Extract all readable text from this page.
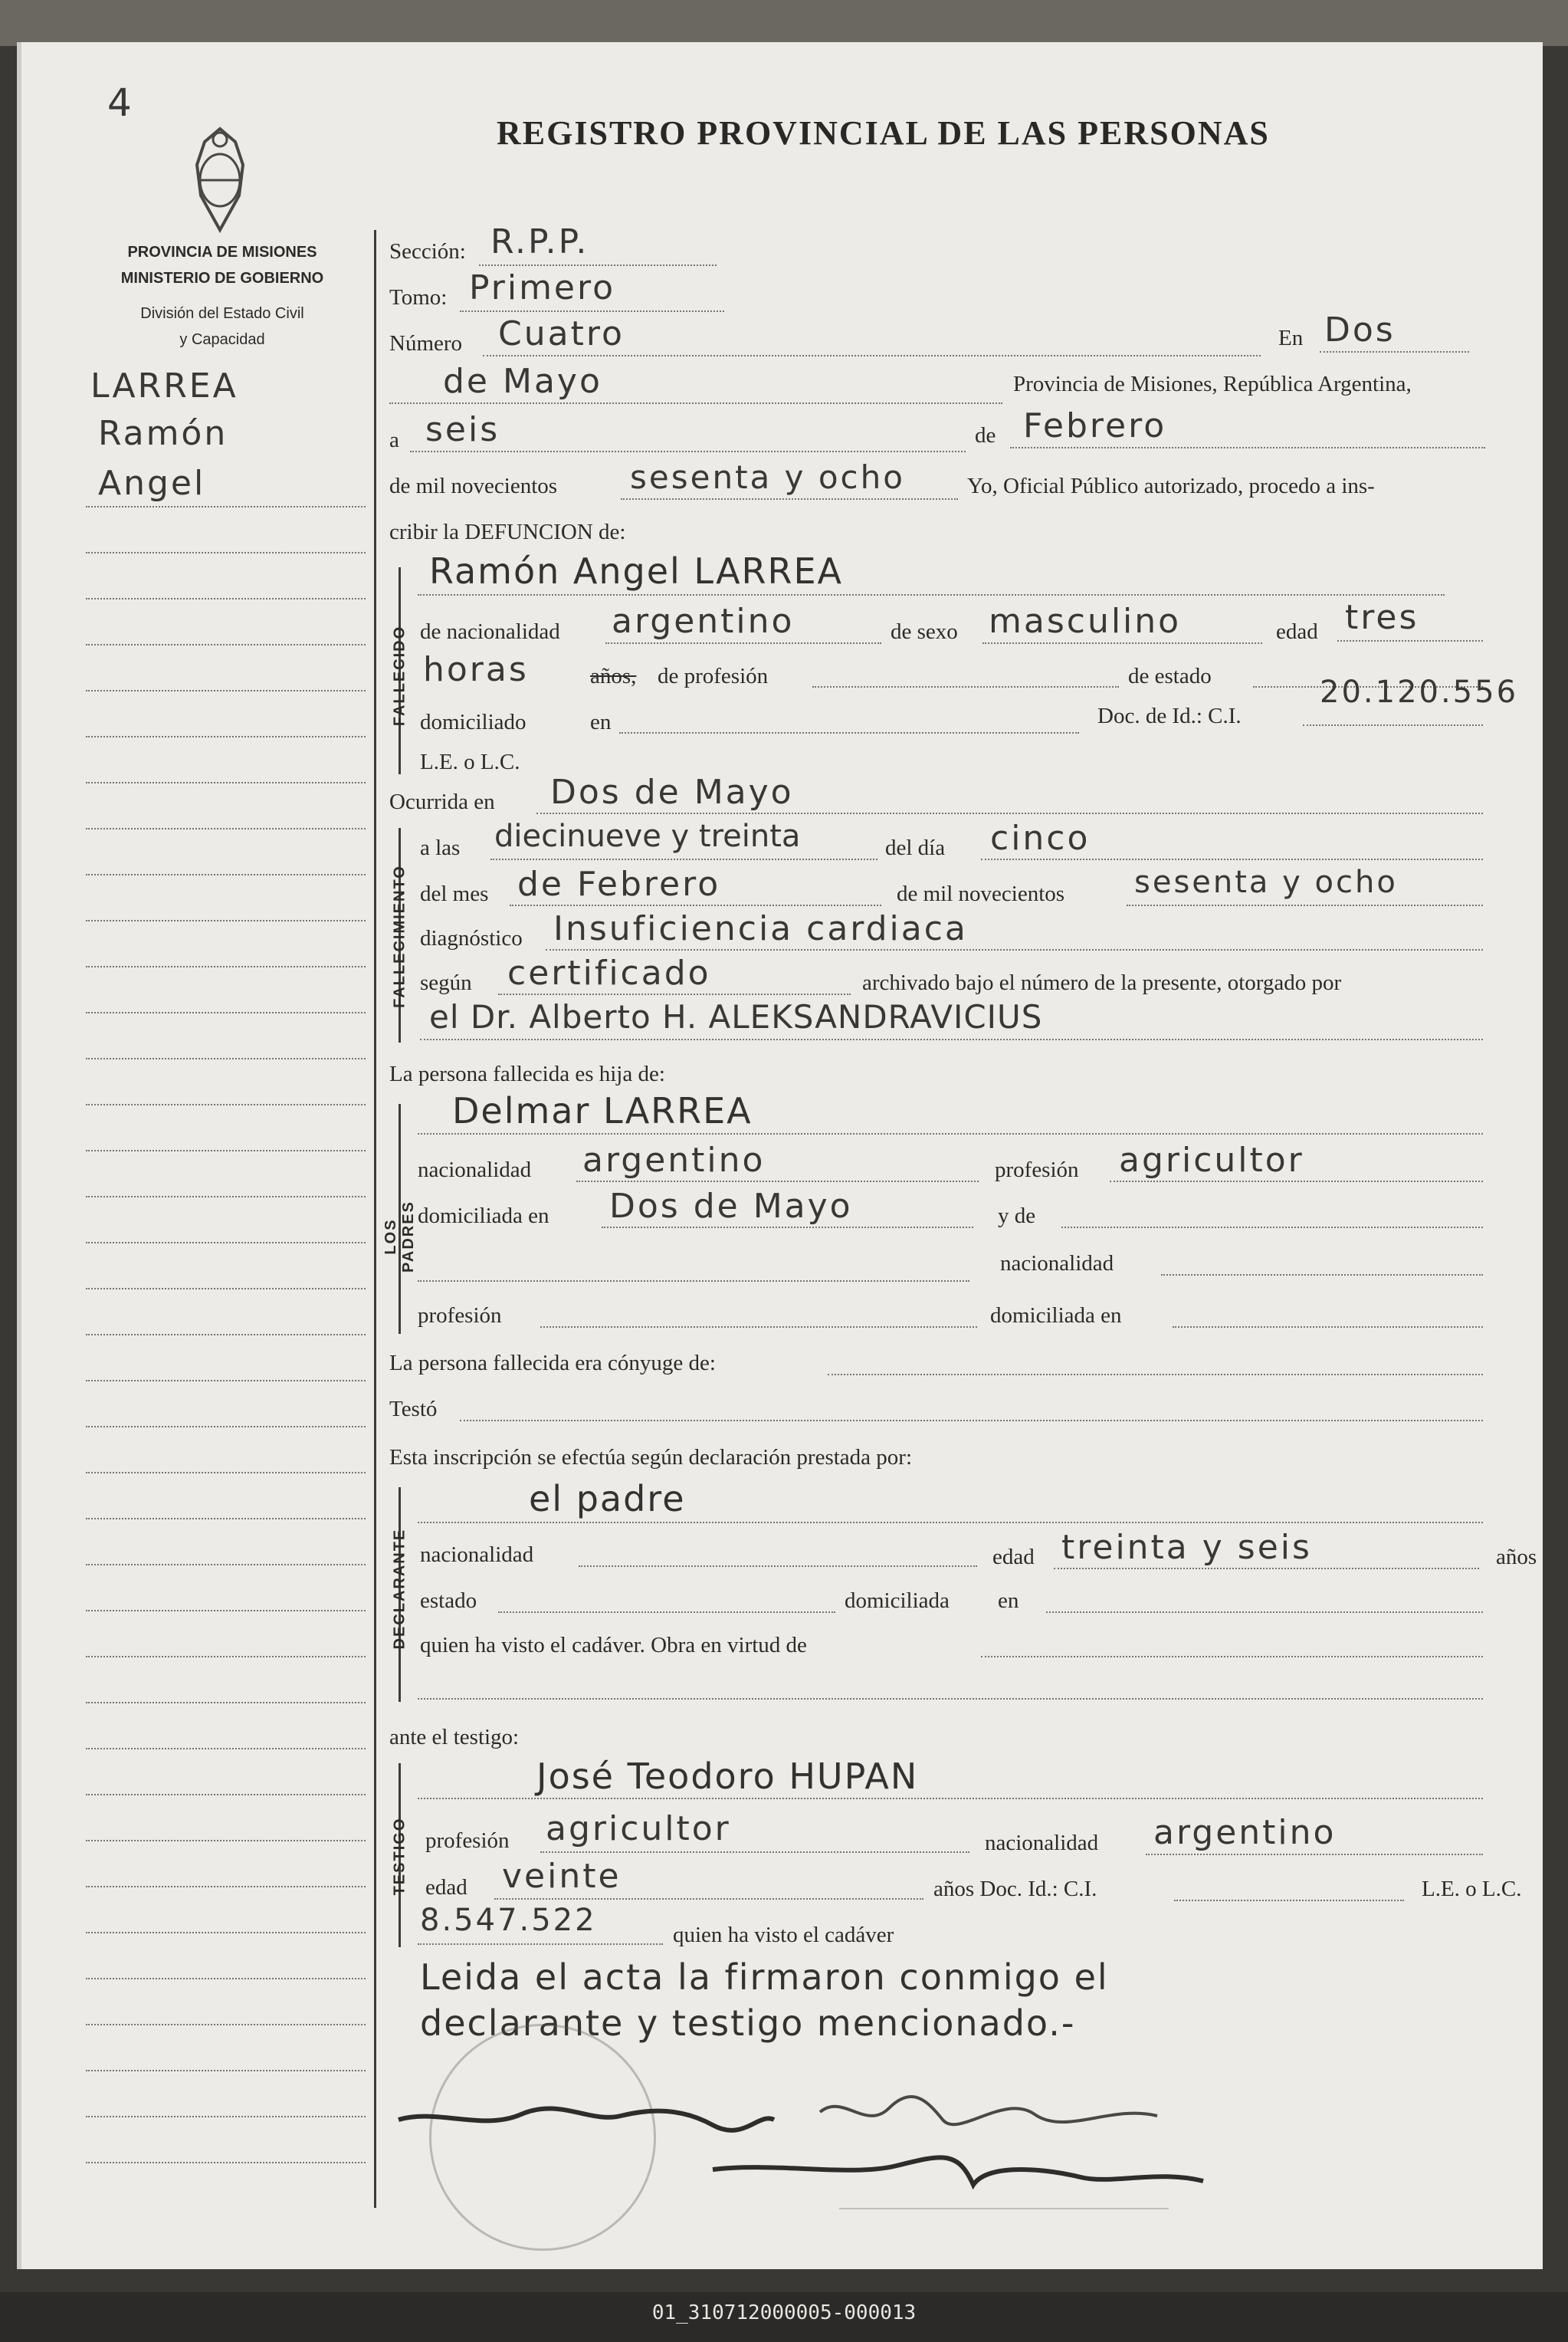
4
REGISTRO PROVINCIAL DE LAS PERSONAS
PROVINCIA DE MISIONES
MINISTERIO DE GOBIERNO
División del Estado Civil
y Capacidad
LARREA
Ramón
Angel
Sección: R.P.P.
Tomo: Primero
Número Cuatro	En Dos
de Mayo	Provincia de Misiones, República Argentina,
a seis	de Febrero
de mil novecientos sesenta y ocho	Yo, Oficial Público autorizado, procedo a ins-
cribir la DEFUNCION de:
FALLECIDO
Ramón Angel LARREA
de nacionalidad argentino	de sexo masculino	edad tres
horas	años, de profesión	de estado
domiciliado	en	Doc. de Id.: C.I.
20.120.556
L.E. o L.C.
Ocurrida en Dos de Mayo
FALLECIMIENTO
a las diecinueve y treinta	del día cinco
del mes de Febrero	de mil novecientos sesenta y ocho
diagnóstico Insuficiencia cardiaca
según certificado	archivado bajo el número de la presente, otorgado por
el Dr. Alberto H. ALEKSANDRAVICIUS
La persona fallecida es hija de:
LOS PADRES
Delmar LARREA
nacionalidad argentino	profesión agricultor
domiciliada en Dos de Mayo	y de
nacionalidad
profesión	domiciliada en
La persona fallecida era cónyuge de:
Testó
Esta inscripción se efectúa según declaración prestada por:
DECLARANTE
el padre
nacionalidad	edad treinta y seis	años
estado	domiciliada en
quien ha visto el cadáver. Obra en virtud de
ante el testigo:
TESTIGO
José Teodoro HUPAN
profesión agricultor	nacionalidad argentino
edad veinte	años Doc. Id.: C.I.	L.E. o L.C.
8.547.522	quien ha visto el cadáver
Leida el acta la firmaron conmigo el
declarante y testigo mencionado.-
01_310712000005-000013
